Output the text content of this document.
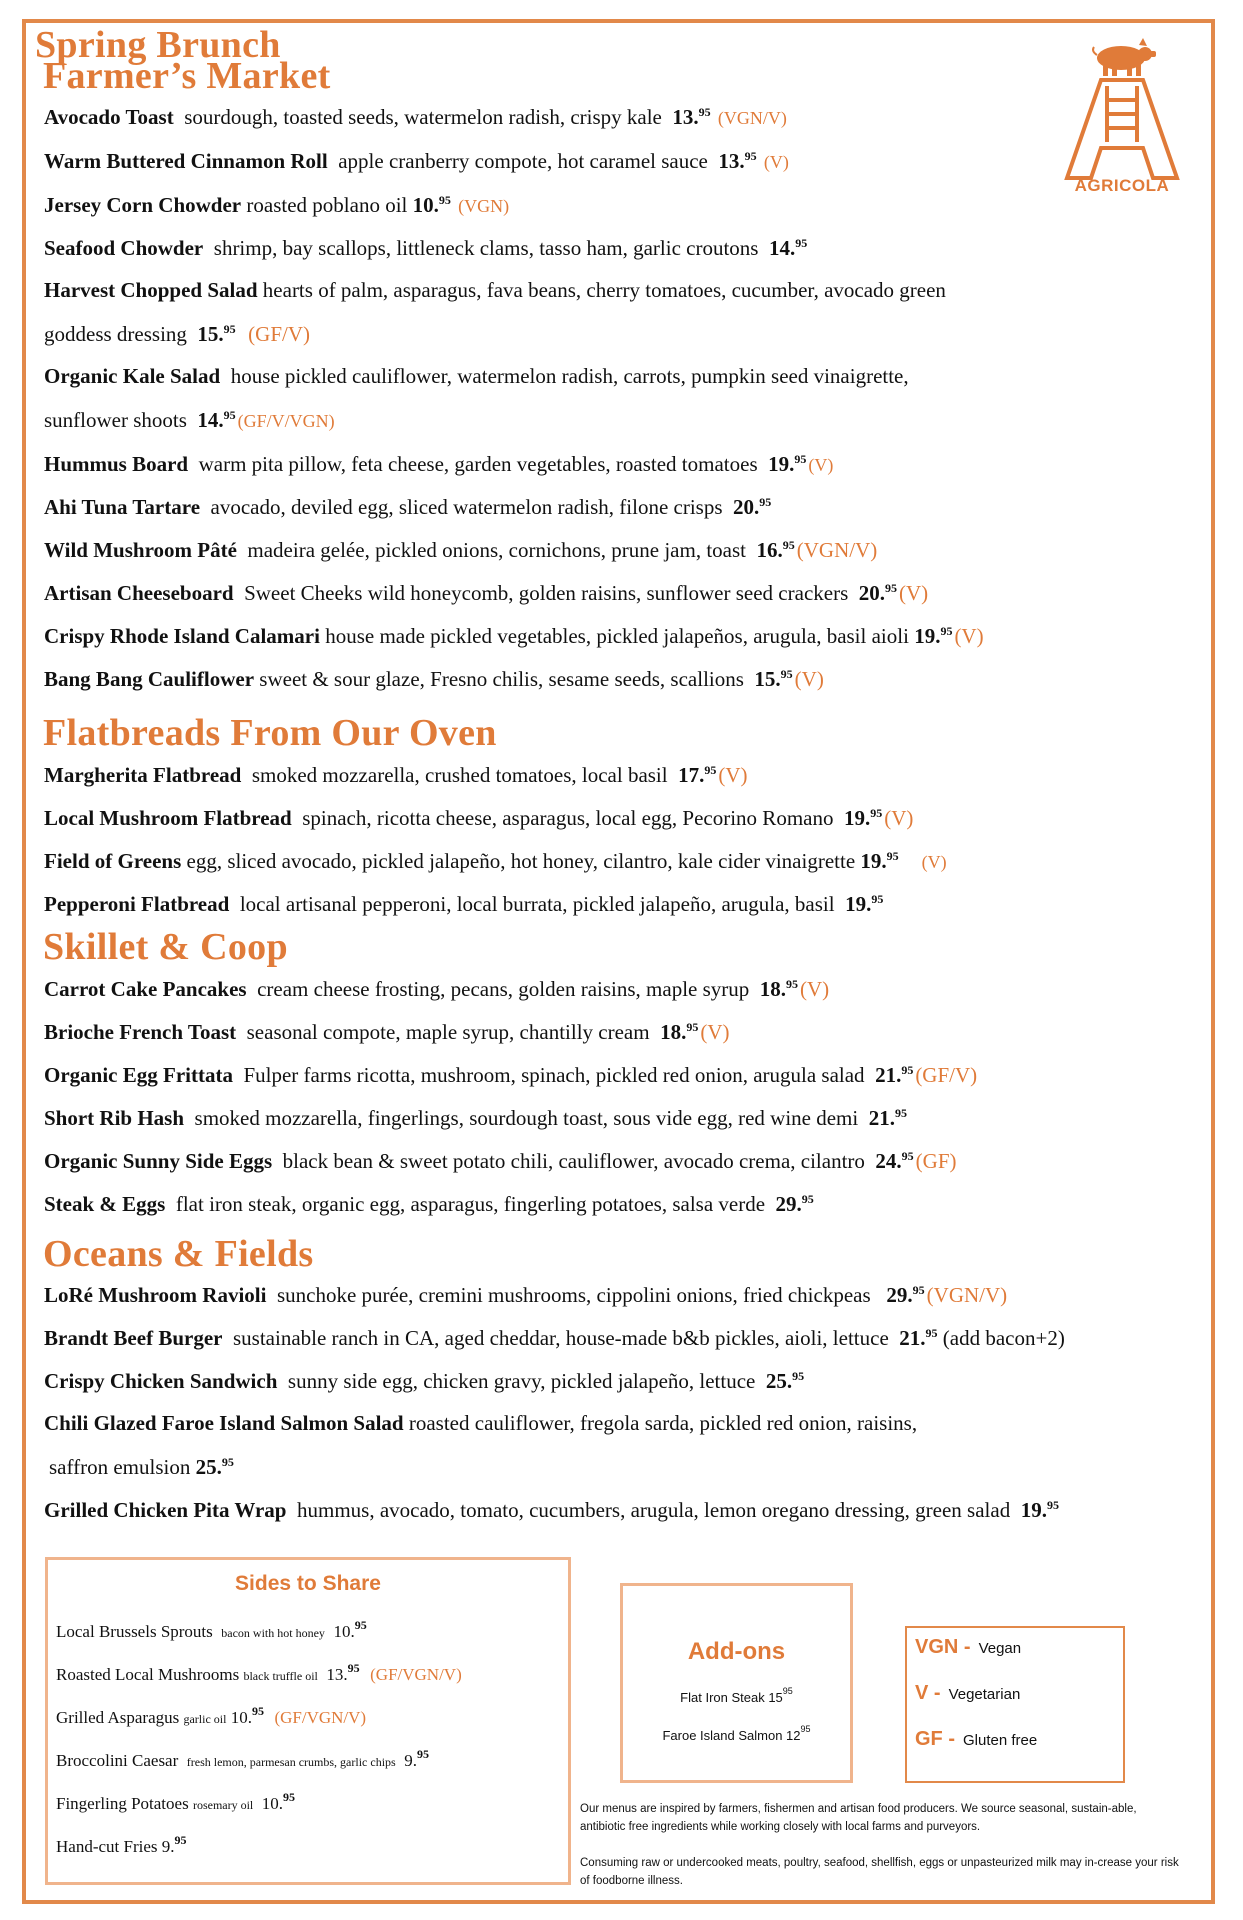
Spring Brunch
AGRICOLA
Farmer’s Market
Avocado Toast sourdough, toasted seeds, watermelon radish, crispy kale 13.95 (VGN/V)
Warm Buttered Cinnamon Roll apple cranberry compote, hot caramel sauce 13.95 (V)
Jersey Corn Chowder roasted poblano oil 10.95 (VGN)
Seafood Chowder shrimp, bay scallops, littleneck clams, tasso ham, garlic croutons 14.95
Harvest Chopped Salad hearts of palm, asparagus, fava beans, cherry tomatoes, cucumber, avocado green
goddess dressing 15.95 (GF/V)
Organic Kale Salad house pickled cauliflower, watermelon radish, carrots, pumpkin seed vinaigrette,
sunflower shoots 14.95 (GF/V/VGN)
Hummus Board warm pita pillow, feta cheese, garden vegetables, roasted tomatoes 19.95 (V)
Ahi Tuna Tartare avocado, deviled egg, sliced watermelon radish, filone crisps 20.95
Wild Mushroom Pâté madeira gelée, pickled onions, cornichons, prune jam, toast 16.95(VGN/V)
Artisan Cheeseboard Sweet Cheeks wild honeycomb, golden raisins, sunflower seed crackers 20.95(V)
Crispy Rhode Island Calamari house made pickled vegetables, pickled jalapeños, arugula, basil aioli 19.95(V)
Bang Bang Cauliflower sweet & sour glaze, Fresno chilis, sesame seeds, scallions 15.95(V)
Flatbreads From Our Oven
Margherita Flatbread smoked mozzarella, crushed tomatoes, local basil 17.95(V)
Local Mushroom Flatbread spinach, ricotta cheese, asparagus, local egg, Pecorino Romano 19.95(V)
Field of Greens egg, sliced avocado, pickled jalapeño, hot honey, cilantro, kale cider vinaigrette 19.95 (V)
Pepperoni Flatbread local artisanal pepperoni, local burrata, pickled jalapeño, arugula, basil 19.95
Skillet & Coop
Carrot Cake Pancakes cream cheese frosting, pecans, golden raisins, maple syrup 18.95(V)
Brioche French Toast seasonal compote, maple syrup, chantilly cream 18.95(V)
Organic Egg Frittata Fulper farms ricotta, mushroom, spinach, pickled red onion, arugula salad 21.95(GF/V)
Short Rib Hash smoked mozzarella, fingerlings, sourdough toast, sous vide egg, red wine demi 21.95
Organic Sunny Side Eggs black bean & sweet potato chili, cauliflower, avocado crema, cilantro 24.95(GF)
Steak & Eggs flat iron steak, organic egg, asparagus, fingerling potatoes, salsa verde 29.95
Oceans & Fields
LoRé Mushroom Ravioli sunchoke purée, cremini mushrooms, cippolini onions, fried chickpeas 29.95(VGN/V)
Brandt Beef Burger sustainable ranch in CA, aged cheddar, house-made b&b pickles, aioli, lettuce 21.95 (add bacon+2)
Crispy Chicken Sandwich sunny side egg, chicken gravy, pickled jalapeño, lettuce 25.95
Chili Glazed Faroe Island Salmon Salad roasted cauliflower, fregola sarda, pickled red onion, raisins,
saffron emulsion 25.95
Grilled Chicken Pita Wrap hummus, avocado, tomato, cucumbers, arugula, lemon oregano dressing, green salad 19.95
Sides to Share
Local Brussels Sprouts bacon with hot honey 10.95
Roasted Local Mushrooms black truffle oil 13.95 (GF/VGN/V)
Grilled Asparagus garlic oil 10.95 (GF/VGN/V)
Broccolini Caesar fresh lemon, parmesan crumbs, garlic chips 9.95
Fingerling Potatoes rosemary oil 10.95
Hand-cut Fries 9.95
Add-ons
Flat Iron Steak $15^{95}$
Faroe Island Salmon $12^{95}$
VGN - Vegan
V - Vegetarian
GF - Gluten free
Our menus are inspired by farmers, fishermen and artisan food producers. We source seasonal, sustain-able, antibiotic free ingredients while working closely with local farms and purveyors.
Consuming raw or undercooked meats, poultry, seafood, shellfish, eggs or unpasteurized milk may in-crease your risk of foodborne illness.
